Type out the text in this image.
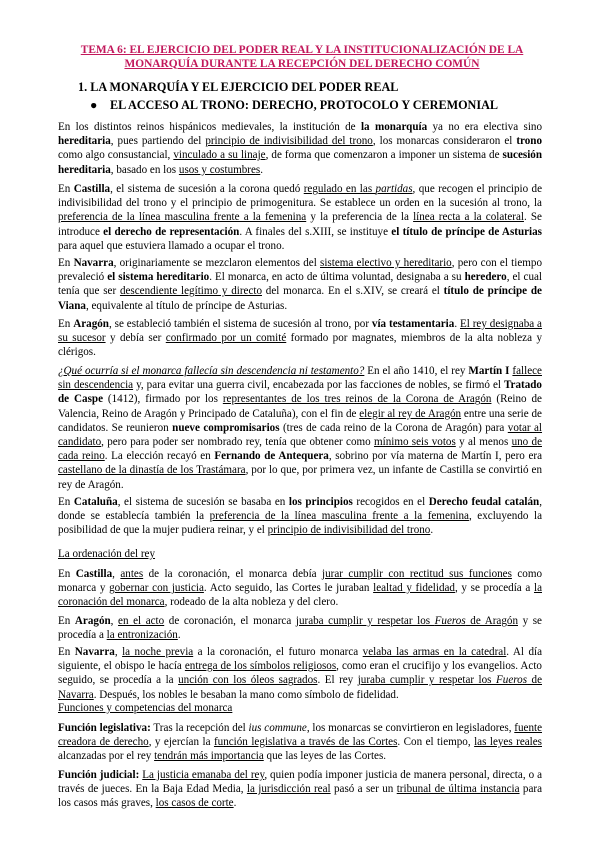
TEMA 6: EL EJERCICIO DEL PODER REAL Y LA INSTITUCIONALIZACIÓN DE LA MONARQUÍA DURANTE LA RECEPCIÓN DEL DERECHO COMÚN
1. LA MONARQUÍA Y EL EJERCICIO DEL PODER REAL
● EL ACCESO AL TRONO: DERECHO, PROTOCOLO Y CEREMONIAL
En los distintos reinos hispánicos medievales, la institución de la monarquía ya no era electiva sino hereditaria, pues partiendo del principio de indivisibilidad del trono, los monarcas consideraron el trono como algo consustancial, vinculado a su linaje, de forma que comenzaron a imponer un sistema de sucesión hereditaria, basado en los usos y costumbres.
En Castilla, el sistema de sucesión a la corona quedó regulado en las partidas, que recogen el principio de indivisibilidad del trono y el principio de primogenitura. Se establece un orden en la sucesión al trono, la preferencia de la línea masculina frente a la femenina y la preferencia de la línea recta a la colateral. Se introduce el derecho de representación. A finales del s.XIII, se instituye el título de príncipe de Asturias para aquel que estuviera llamado a ocupar el trono.
En Navarra, originariamente se mezclaron elementos del sistema electivo y hereditario, pero con el tiempo prevaleció el sistema hereditario. El monarca, en acto de última voluntad, designaba a su heredero, el cual tenía que ser descendiente legítimo y directo del monarca. En el s.XIV, se creará el título de príncipe de Viana, equivalente al título de príncipe de Asturias.
En Aragón, se estableció también el sistema de sucesión al trono, por vía testamentaria. El rey designaba a su sucesor y debía ser confirmado por un comité formado por magnates, miembros de la alta nobleza y clérigos.
¿Qué ocurría si el monarca fallecía sin descendencia ni testamento? En el año 1410, el rey Martín I fallece sin descendencia y, para evitar una guerra civil, encabezada por las facciones de nobles, se firmó el Tratado de Caspe (1412), firmado por los representantes de los tres reinos de la Corona de Aragón (Reino de Valencia, Reino de Aragón y Principado de Cataluña), con el fin de elegir al rey de Aragón entre una serie de candidatos. Se reunieron nueve compromisarios (tres de cada reino de la Corona de Aragón) para votar al candidato, pero para poder ser nombrado rey, tenía que obtener como mínimo seis votos y al menos uno de cada reino. La elección recayó en Fernando de Antequera, sobrino por vía materna de Martín I, pero era castellano de la dinastía de los Trastámara, por lo que, por primera vez, un infante de Castilla se convirtió en rey de Aragón.
En Cataluña, el sistema de sucesión se basaba en los principios recogidos en el Derecho feudal catalán, donde se establecía también la preferencia de la línea masculina frente a la femenina, excluyendo la posibilidad de que la mujer pudiera reinar, y el principio de indivisibilidad del trono.
La ordenación del rey
En Castilla, antes de la coronación, el monarca debía jurar cumplir con rectitud sus funciones como monarca y gobernar con justicia. Acto seguido, las Cortes le juraban lealtad y fidelidad, y se procedía a la coronación del monarca, rodeado de la alta nobleza y del clero.
En Aragón, en el acto de coronación, el monarca juraba cumplir y respetar los Fueros de Aragón y se procedía a la entronización.
En Navarra, la noche previa a la coronación, el futuro monarca velaba las armas en la catedral. Al día siguiente, el obispo le hacía entrega de los símbolos religiosos, como eran el crucifijo y los evangelios. Acto seguido, se procedía a la unción con los óleos sagrados. El rey juraba cumplir y respetar los Fueros de Navarra. Después, los nobles le besaban la mano como símbolo de fidelidad.
Funciones y competencias del monarca
Función legislativa: Tras la recepción del ius commune, los monarcas se convirtieron en legisladores, fuente creadora de derecho, y ejercían la función legislativa a través de las Cortes. Con el tiempo, las leyes reales alcanzadas por el rey tendrán más importancia que las leyes de las Cortes.
Función judicial: La justicia emanaba del rey, quien podía imponer justicia de manera personal, directa, o a través de jueces. En la Baja Edad Media, la jurisdicción real pasó a ser un tribunal de última instancia para los casos más graves, los casos de corte.
